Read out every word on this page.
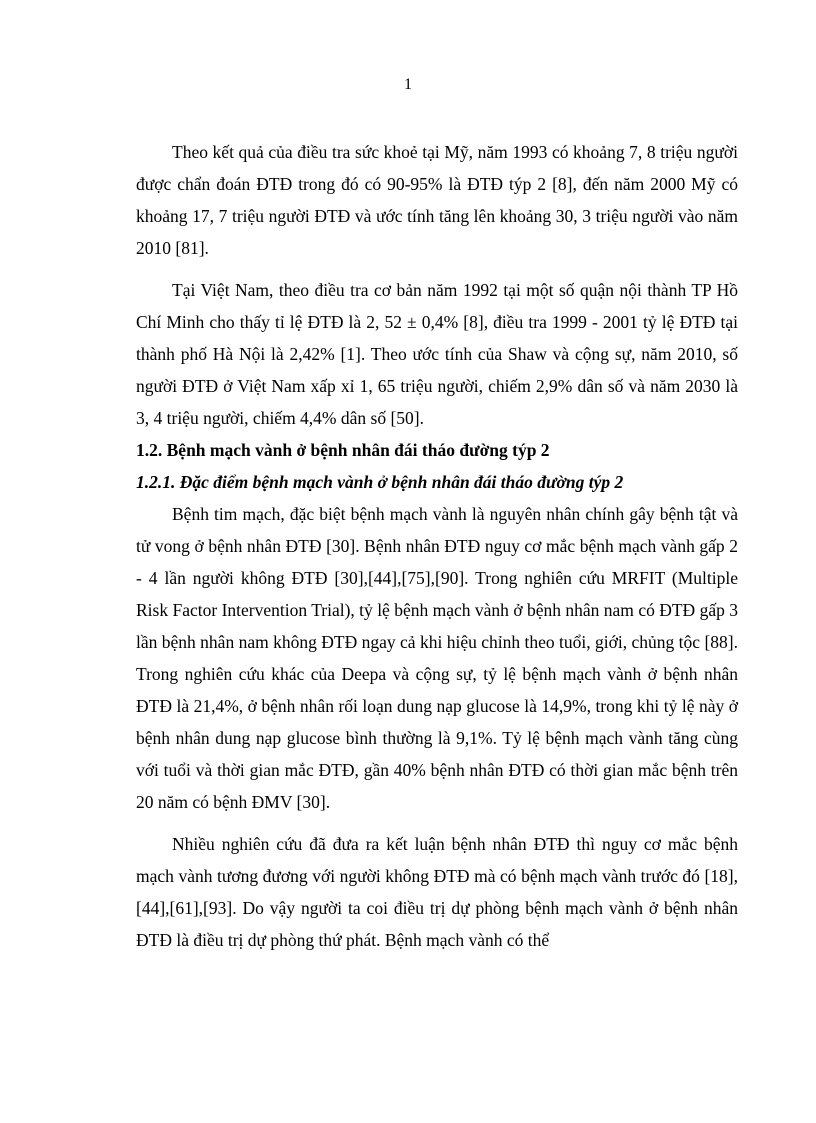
1

Theo kết quả của điều tra sức khoẻ tại Mỹ, năm 1993 có khoảng 7, 8 triệu người được chẩn đoán ĐTĐ trong đó có 90-95% là ĐTĐ týp 2 [8], đến năm 2000 Mỹ có khoảng 17, 7 triệu người ĐTĐ và ước tính tăng lên khoảng 30, 3 triệu người vào năm 2010 [81].

Tại Việt Nam, theo điều tra cơ bản năm 1992 tại một số quận nội thành TP Hồ Chí Minh cho thấy tỉ lệ ĐTĐ là 2, 52 ± 0,4% [8], điều tra 1999 - 2001 tỷ lệ ĐTĐ tại thành phố Hà Nội là 2,42% [1]. Theo ước tính của Shaw và cộng sự, năm 2010, số người ĐTĐ ở Việt Nam xấp xỉ 1, 65 triệu người, chiếm 2,9% dân số và năm 2030 là 3, 4 triệu người, chiếm 4,4% dân số [50].

1.2. Bệnh mạch vành ở bệnh nhân đái tháo đường týp 2

1.2.1. Đặc điểm bệnh mạch vành ở bệnh nhân đái tháo đường týp 2

Bệnh tim mạch, đặc biệt bệnh mạch vành là nguyên nhân chính gây bệnh tật và tử vong ở bệnh nhân ĐTĐ [30]. Bệnh nhân ĐTĐ nguy cơ mắc bệnh mạch vành gấp 2 - 4 lần người không ĐTĐ [30],[44],[75],[90]. Trong nghiên cứu MRFIT (Multiple Risk Factor Intervention Trial), tỷ lệ bệnh mạch vành ở bệnh nhân nam có ĐTĐ gấp 3 lần bệnh nhân nam không ĐTĐ ngay cả khi hiệu chỉnh theo tuổi, giới, chủng tộc [88]. Trong nghiên cứu khác của Deepa và cộng sự, tỷ lệ bệnh mạch vành ở bệnh nhân ĐTĐ là 21,4%, ở bệnh nhân rối loạn dung nạp glucose là 14,9%, trong khi tỷ lệ này ở bệnh nhân dung nạp glucose bình thường là 9,1%. Tỷ lệ bệnh mạch vành tăng cùng với tuổi và thời gian mắc ĐTĐ, gần 40% bệnh nhân ĐTĐ có thời gian mắc bệnh trên 20 năm có bệnh ĐMV [30].

Nhiều nghiên cứu đã đưa ra kết luận bệnh nhân ĐTĐ thì nguy cơ mắc bệnh mạch vành tương đương với người không ĐTĐ mà có bệnh mạch vành trước đó [18],[44],[61],[93]. Do vậy người ta coi điều trị dự phòng bệnh mạch vành ở bệnh nhân ĐTĐ là điều trị dự phòng thứ phát. Bệnh mạch vành có thể
